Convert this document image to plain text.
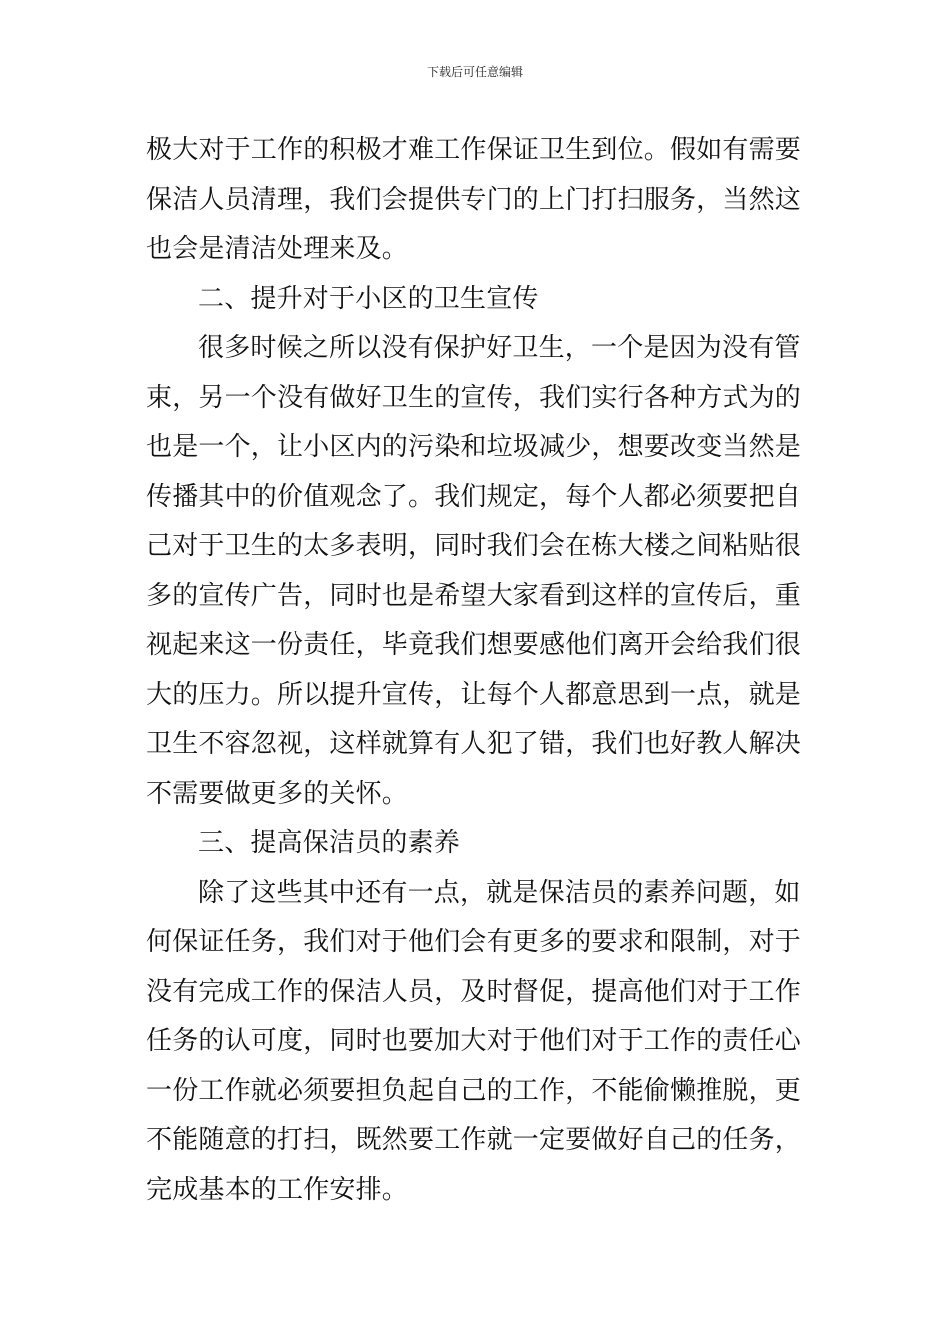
下载后可任意编辑
极大对于工作的积极才难工作保证卫生到位。假如有需要
保洁人员清理，我们会提供专门的上门打扫服务，当然这
也会是清洁处理来及。
二、提升对于小区的卫生宣传
很多时候之所以没有保护好卫生，一个是因为没有管
束，另一个没有做好卫生的宣传，我们实行各种方式为的
也是一个，让小区内的污染和垃圾减少，想要改变当然是
传播其中的价值观念了。我们规定，每个人都必须要把自
己对于卫生的太多表明，同时我们会在栋大楼之间粘贴很
多的宣传广告，同时也是希望大家看到这样的宣传后，重
视起来这一份责任，毕竟我们想要感他们离开会给我们很
大的压力。所以提升宣传，让每个人都意思到一点，就是
卫生不容忽视，这样就算有人犯了错，我们也好教人解决
不需要做更多的关怀。
三、提高保洁员的素养
除了这些其中还有一点，就是保洁员的素养问题，如
何保证任务，我们对于他们会有更多的要求和限制，对于
没有完成工作的保洁人员，及时督促，提高他们对于工作
任务的认可度，同时也要加大对于他们对于工作的责任心
一份工作就必须要担负起自己的工作，不能偷懒推脱，更
不能随意的打扫，既然要工作就一定要做好自己的任务，
完成基本的工作安排。
